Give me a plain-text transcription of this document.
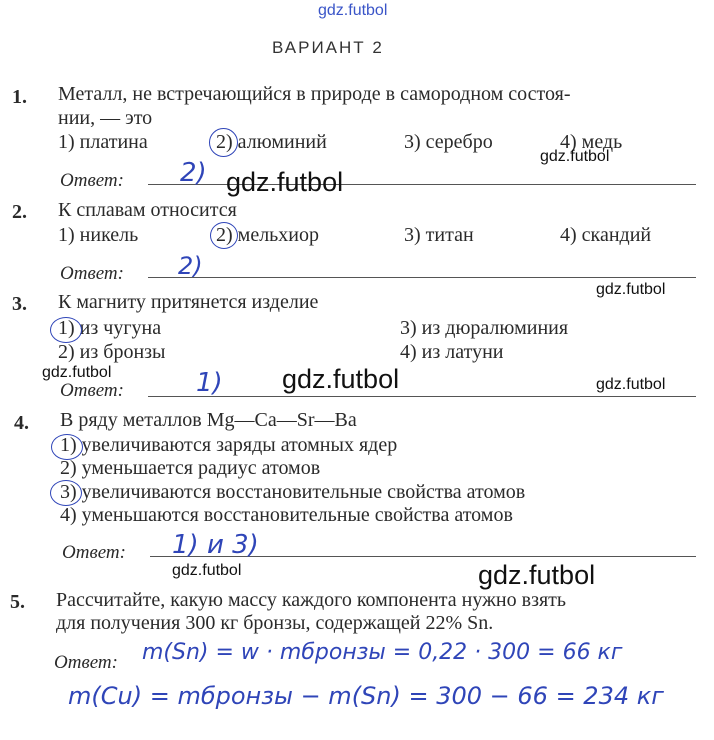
gdz.futbol
ВАРИАНТ 2
1. Металл, не встречающийся в природе в самородном состоя-
нии, — это
1) платина	2) алюминий	3) серебро	4) медь
gdz.futbol
Ответ: 2) gdz.futbol
2. К сплавам относится
1) никель	2) мельхиор	3) титан	4) скандий
Ответ: 2)
gdz.futbol
3. К магниту притянется изделие
1) из чугуна	3) из дюралюминия
2) из бронзы	4) из латуни
gdz.futbol
Ответ:	1) gdz.futbol	gdz.futbol
4. В ряду металлов Mg—Ca—Sr—Ba
1) увеличиваются заряды атомных ядер
2) уменьшается радиус атомов
3) увеличиваются восстановительные свойства атомов
4) уменьшаются восстановительные свойства атомов
Ответ: 1) и 3)
gdz.futbol	gdz.futbol
5. Рассчитайте, какую массу каждого компонента нужно взять
для получения 300 кг бронзы, содержащей 22% Sn.
Ответ: m(Sn) = w · mбронзы = 0,22 · 300 = 66 кг
m(Cu) = mбронзы − m(Sn) = 300 − 66 = 234 кг
